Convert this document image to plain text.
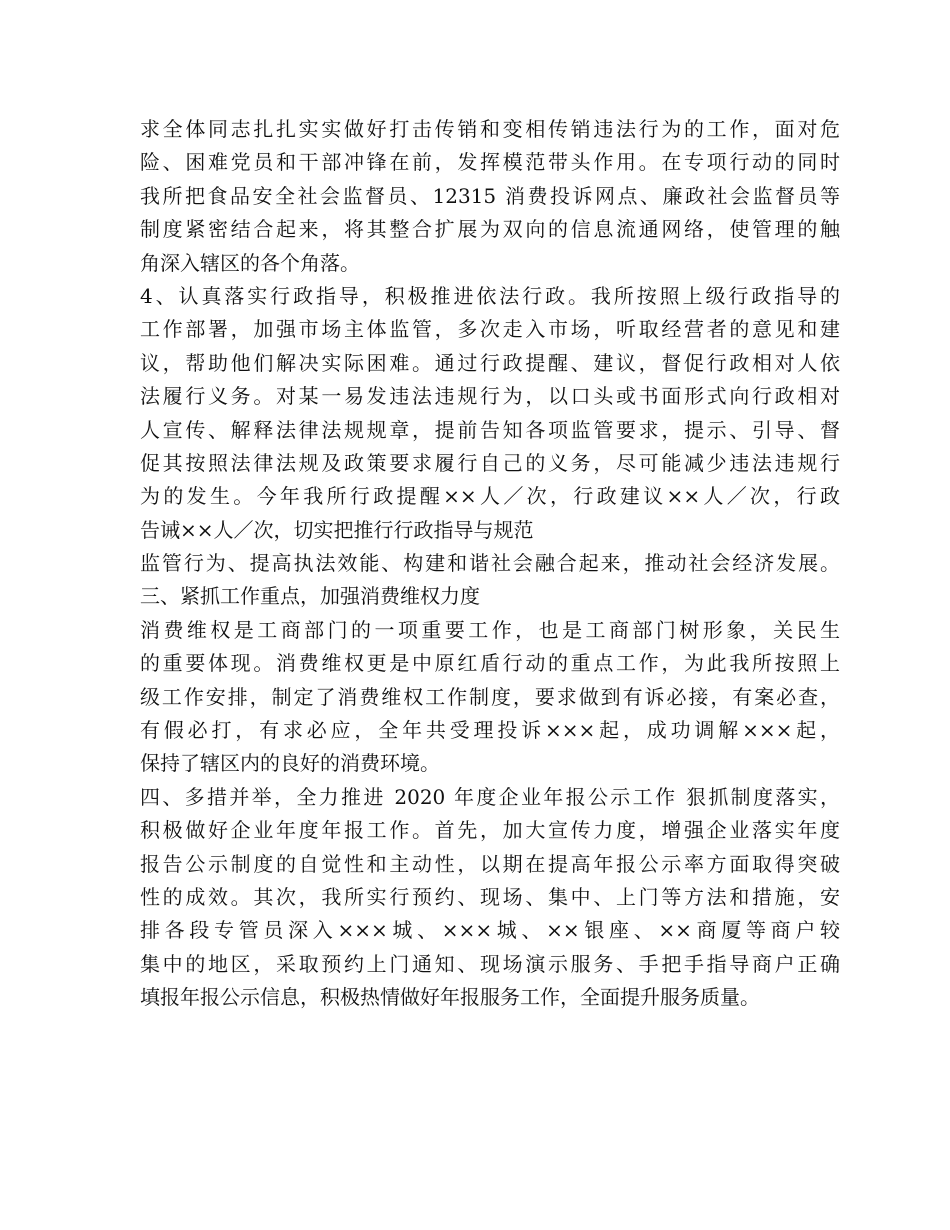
求全体同志扎扎实实做好打击传销和变相传销违法行为的工作，面对危
险、困难党员和干部冲锋在前，发挥模范带头作用。在专项行动的同时
我所把食品安全社会监督员、12315 消费投诉网点、廉政社会监督员等
制度紧密结合起来，将其整合扩展为双向的信息流通网络，使管理的触
角深入辖区的各个角落。
4、认真落实行政指导，积极推进依法行政。我所按照上级行政指导的
工作部署，加强市场主体监管，多次走入市场，听取经营者的意见和建
议，帮助他们解决实际困难。通过行政提醒、建议，督促行政相对人依
法履行义务。对某一易发违法违规行为，以口头或书面形式向行政相对
人宣传、解释法律法规规章，提前告知各项监管要求，提示、引导、督
促其按照法律法规及政策要求履行自己的义务，尽可能减少违法违规行
为的发生。今年我所行政提醒××人／次，行政建议××人／次，行政
告诫××人／次，切实把推行行政指导与规范
监管行为、提高执法效能、构建和谐社会融合起来，推动社会经济发展。
三、紧抓工作重点，加强消费维权力度
消费维权是工商部门的一项重要工作，也是工商部门树形象，关民生
的重要体现。消费维权更是中原红盾行动的重点工作，为此我所按照上
级工作安排，制定了消费维权工作制度，要求做到有诉必接，有案必查，
有假必打，有求必应，全年共受理投诉×××起，成功调解×××起，
保持了辖区内的良好的消费环境。
四、多措并举，全力推进 2020 年度企业年报公示工作 狠抓制度落实，
积极做好企业年度年报工作。首先，加大宣传力度，增强企业落实年度
报告公示制度的自觉性和主动性，以期在提高年报公示率方面取得突破
性的成效。其次，我所实行预约、现场、集中、上门等方法和措施，安
排各段专管员深入×××城、×××城、××银座、××商厦等商户较
集中的地区，采取预约上门通知、现场演示服务、手把手指导商户正确
填报年报公示信息，积极热情做好年报服务工作，全面提升服务质量。
